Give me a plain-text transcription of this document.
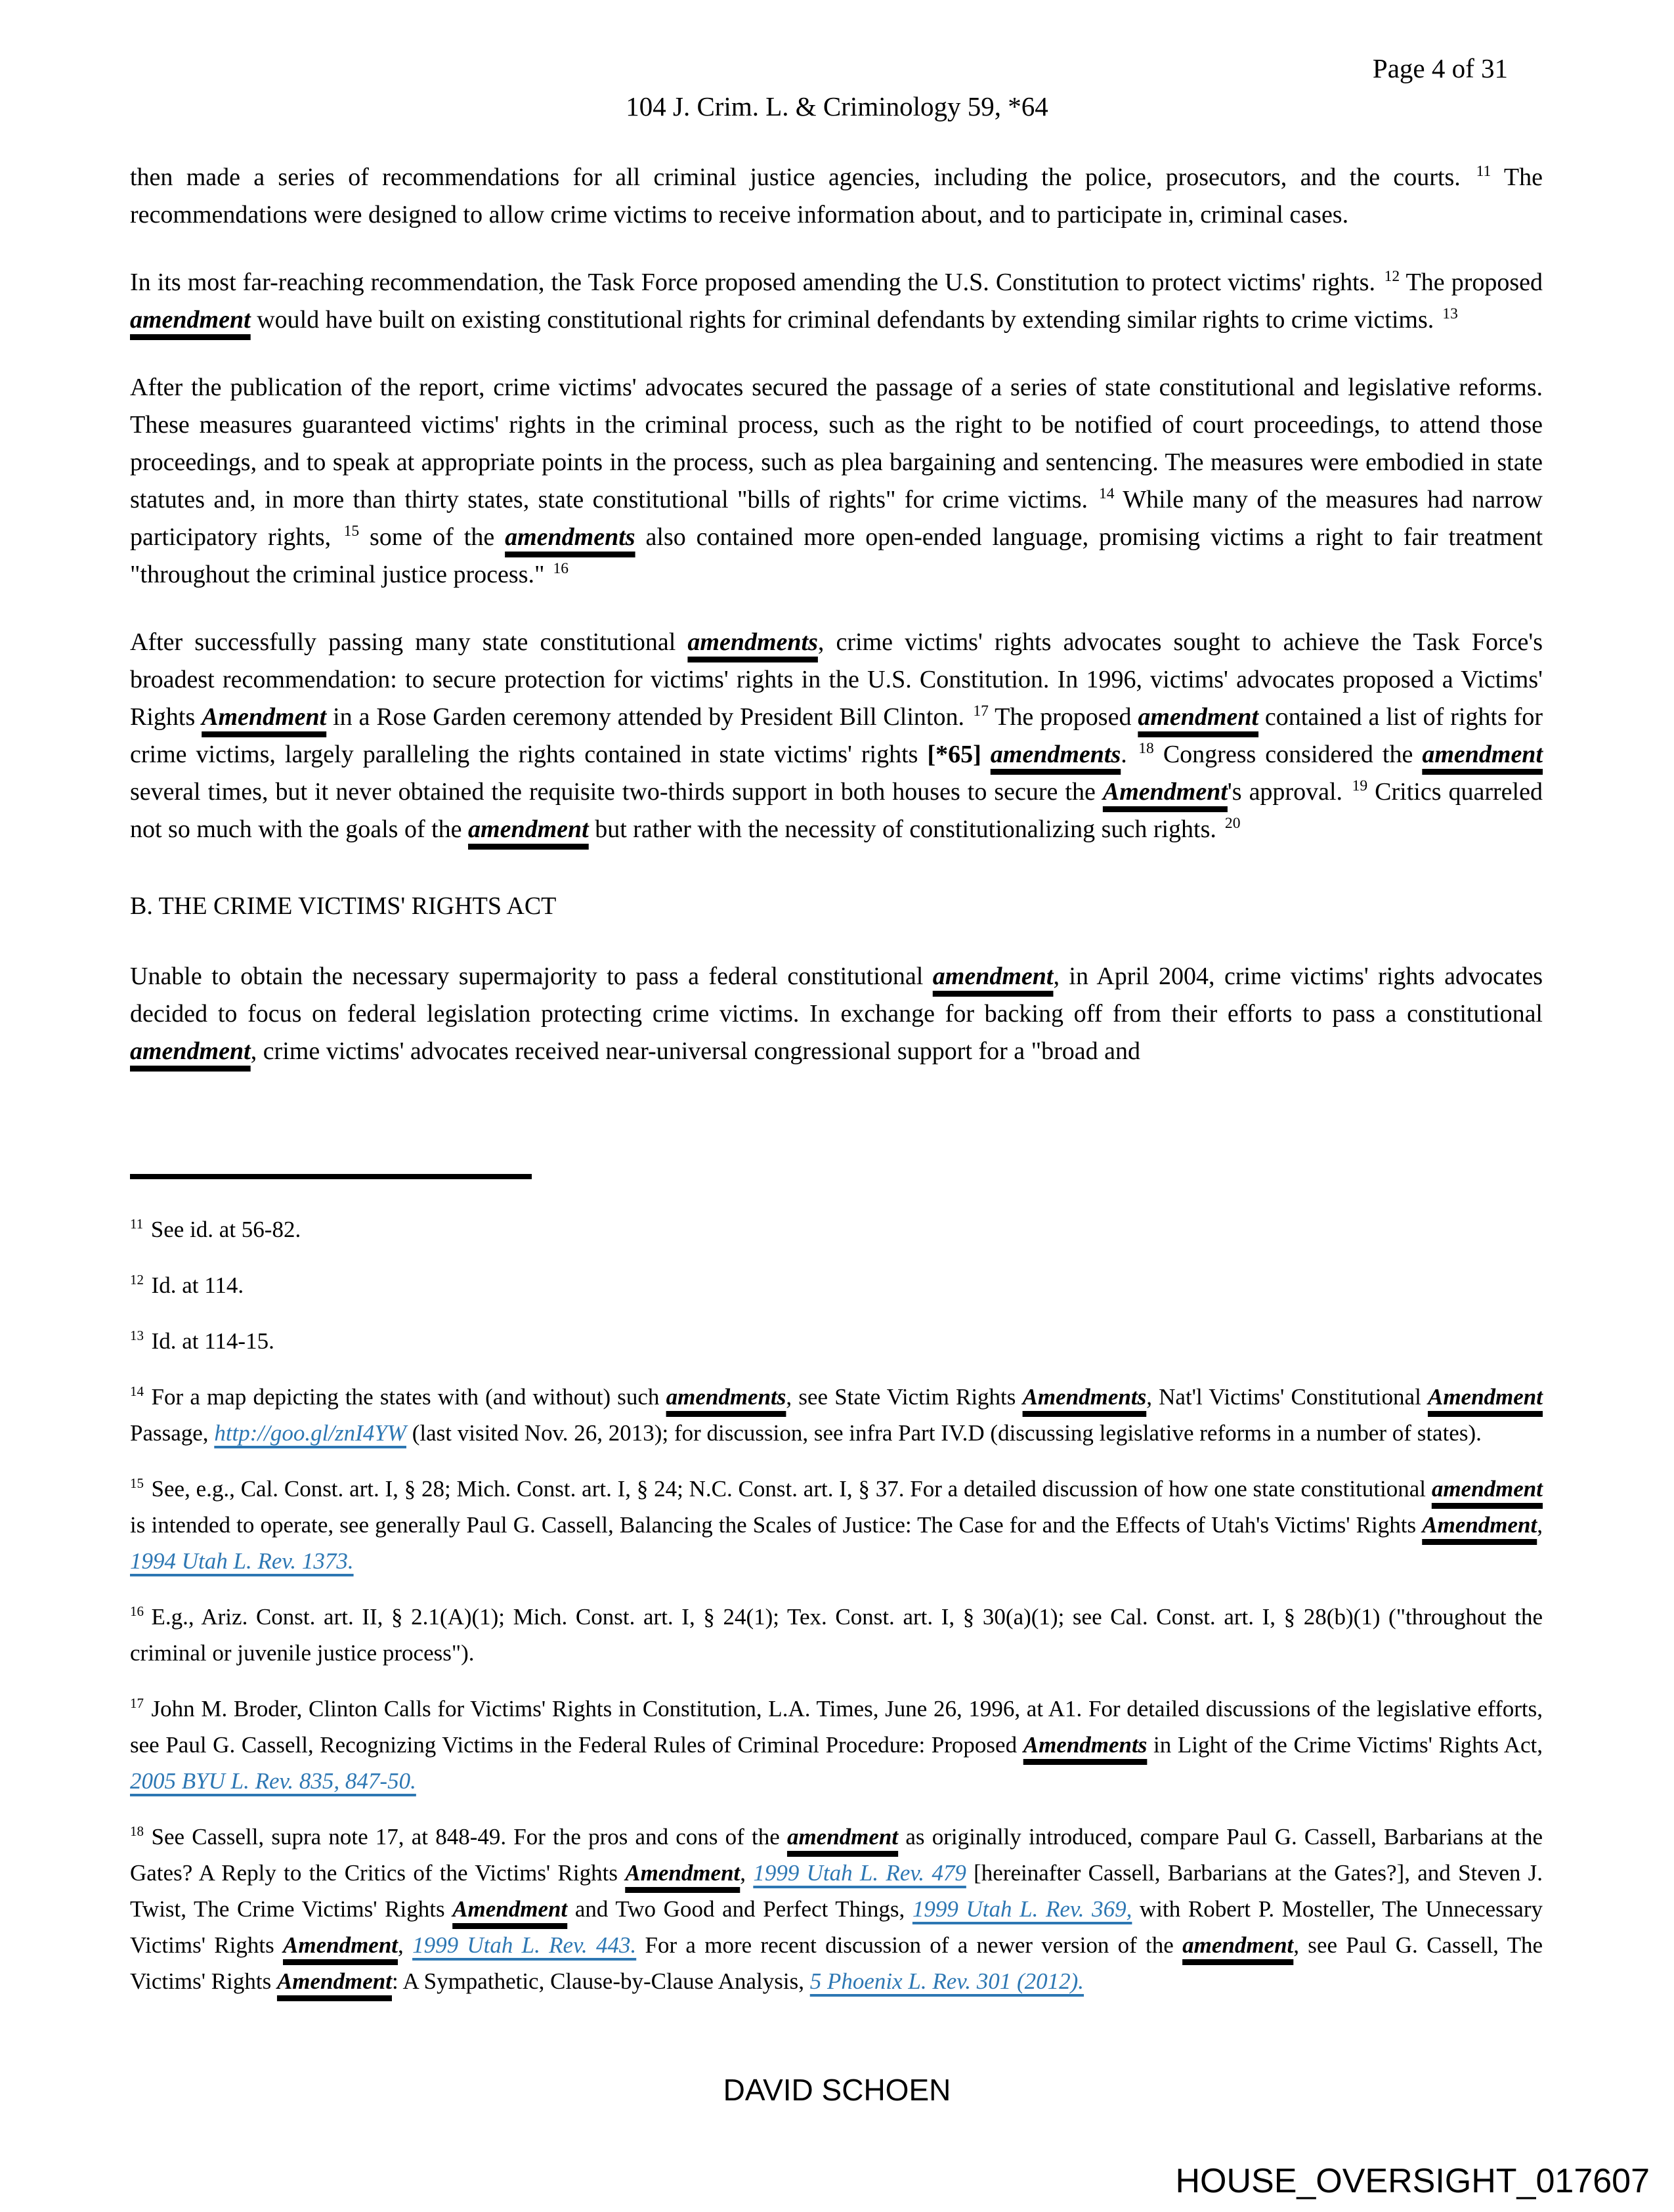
Page 4 of 31
104 J. Crim. L. & Criminology 59, *64

then made a series of recommendations for all criminal justice agencies, including the police, prosecutors, and the courts. $^{11}$ The recommendations were designed to allow crime victims to receive information about, and to participate in, criminal cases.

In its most far-reaching recommendation, the Task Force proposed amending the U.S. Constitution to protect victims' rights. $^{12}$ The proposed amendment would have built on existing constitutional rights for criminal defendants by extending similar rights to crime victims. $^{13}$

After the publication of the report, crime victims' advocates secured the passage of a series of state constitutional and legislative reforms. These measures guaranteed victims' rights in the criminal process, such as the right to be notified of court proceedings, to attend those proceedings, and to speak at appropriate points in the process, such as plea bargaining and sentencing. The measures were embodied in state statutes and, in more than thirty states, state constitutional "bills of rights" for crime victims. $^{14}$ While many of the measures had narrow participatory rights, $^{15}$ some of the amendments also contained more open-ended language, promising victims a right to fair treatment "throughout the criminal justice process." $^{16}$

After successfully passing many state constitutional amendments, crime victims' rights advocates sought to achieve the Task Force's broadest recommendation: to secure protection for victims' rights in the U.S. Constitution. In 1996, victims' advocates proposed a Victims' Rights Amendment in a Rose Garden ceremony attended by President Bill Clinton. $^{17}$ The proposed amendment contained a list of rights for crime victims, largely paralleling the rights contained in state victims' rights [*65] amendments. $^{18}$ Congress considered the amendment several times, but it never obtained the requisite two-thirds support in both houses to secure the Amendment's approval. $^{19}$ Critics quarreled not so much with the goals of the amendment but rather with the necessity of constitutionalizing such rights. $^{20}$

B. THE CRIME VICTIMS' RIGHTS ACT

Unable to obtain the necessary supermajority to pass a federal constitutional amendment, in April 2004, crime victims' rights advocates decided to focus on federal legislation protecting crime victims. In exchange for backing off from their efforts to pass a constitutional amendment, crime victims' advocates received near-universal congressional support for a "broad and

$^{11}$ See id. at 56-82.

$^{12}$ Id. at 114.

$^{13}$ Id. at 114-15.

$^{14}$ For a map depicting the states with (and without) such amendments, see State Victim Rights Amendments, Nat'l Victims' Constitutional Amendment Passage, http://goo.gl/znI4YW (last visited Nov. 26, 2013); for discussion, see infra Part IV.D (discussing legislative reforms in a number of states).

$^{15}$ See, e.g., Cal. Const. art. I, § 28; Mich. Const. art. I, § 24; N.C. Const. art. I, § 37. For a detailed discussion of how one state constitutional amendment is intended to operate, see generally Paul G. Cassell, Balancing the Scales of Justice: The Case for and the Effects of Utah's Victims' Rights Amendment, 1994 Utah L. Rev. 1373.

$^{16}$ E.g., Ariz. Const. art. II, § 2.1(A)(1); Mich. Const. art. I, § 24(1); Tex. Const. art. I, § 30(a)(1); see Cal. Const. art. I, § 28(b)(1) ("throughout the criminal or juvenile justice process").

$^{17}$ John M. Broder, Clinton Calls for Victims' Rights in Constitution, L.A. Times, June 26, 1996, at A1. For detailed discussions of the legislative efforts, see Paul G. Cassell, Recognizing Victims in the Federal Rules of Criminal Procedure: Proposed Amendments in Light of the Crime Victims' Rights Act, 2005 BYU L. Rev. 835, 847-50.

$^{18}$ See Cassell, supra note 17, at 848-49. For the pros and cons of the amendment as originally introduced, compare Paul G. Cassell, Barbarians at the Gates? A Reply to the Critics of the Victims' Rights Amendment, 1999 Utah L. Rev. 479 [hereinafter Cassell, Barbarians at the Gates?], and Steven J. Twist, The Crime Victims' Rights Amendment and Two Good and Perfect Things, 1999 Utah L. Rev. 369, with Robert P. Mosteller, The Unnecessary Victims' Rights Amendment, 1999 Utah L. Rev. 443. For a more recent discussion of a newer version of the amendment, see Paul G. Cassell, The Victims' Rights Amendment: A Sympathetic, Clause-by-Clause Analysis, 5 Phoenix L. Rev. 301 (2012).

DAVID SCHOEN
HOUSE_OVERSIGHT_017607
